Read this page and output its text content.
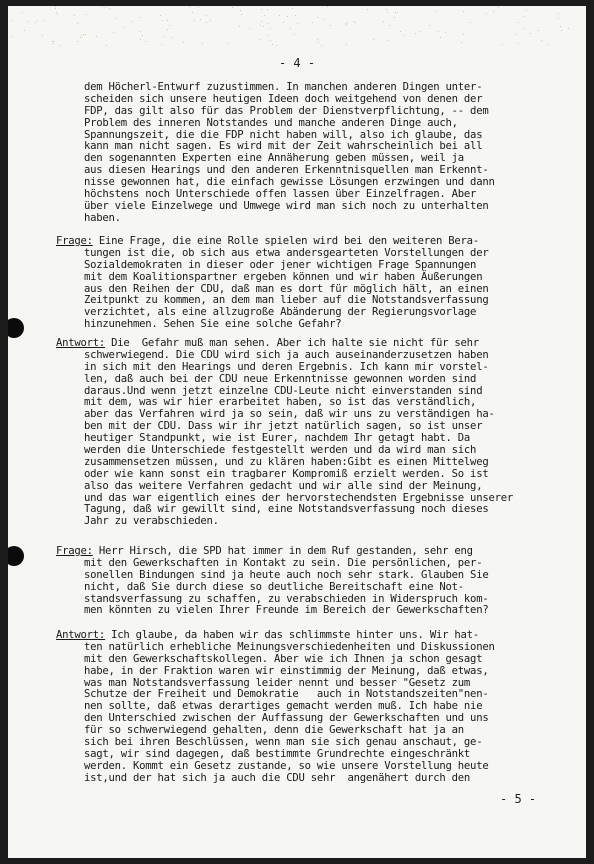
- 4 -
dem Höcherl-Entwurf zuzustimmen. In manchen anderen Dingen unter-
scheiden sich unsere heutigen Ideen doch weitgehend von denen der
FDP, das gilt also für das Problem der Dienstverpflichtung, -- dem
Problem des inneren Notstandes und manche anderen Dinge auch,
Spannungszeit, die die FDP nicht haben will, also ich glaube, das
kann man nicht sagen. Es wird mit der Zeit wahrscheinlich bei all
den sogenannten Experten eine Annäherung geben müssen, weil ja
aus diesen Hearings und den anderen Erkenntnisquellen man Erkennt-
nisse gewonnen hat, die einfach gewisse Lösungen erzwingen und dann
höchstens noch Unterschiede offen lassen über Einzelfragen. Aber
über viele Einzelwege und Umwege wird man sich noch zu unterhalten
haben.
Frage: Eine Frage, die eine Rolle spielen wird bei den weiteren Bera-
tungen ist die, ob sich aus etwa andersgearteten Vorstellungen der
Sozialdemokraten in dieser oder jener wichtigen Frage Spannungen
mit dem Koalitionspartner ergeben können und wir haben Äußerungen
aus den Reihen der CDU, daß man es dort für möglich hält, an einen
Zeitpunkt zu kommen, an dem man lieber auf die Notstandsverfassung
verzichtet, als eine allzugroße Abänderung der Regierungsvorlage
hinzunehmen. Sehen Sie eine solche Gefahr?
Antwort: Die  Gefahr muß man sehen. Aber ich halte sie nicht für sehr
schwerwiegend. Die CDU wird sich ja auch auseinanderzusetzen haben
in sich mit den Hearings und deren Ergebnis. Ich kann mir vorstel-
len, daß auch bei der CDU neue Erkenntnisse gewonnen worden sind
daraus.Und wenn jetzt einzelne CDU-Leute nicht einverstanden sind
mit dem, was wir hier erarbeitet haben, so ist das verständlich,
aber das Verfahren wird ja so sein, daß wir uns zu verständigen ha-
ben mit der CDU. Dass wir ihr jetzt natürlich sagen, so ist unser
heutiger Standpunkt, wie ist Eurer, nachdem Ihr getagt habt. Da
werden die Unterschiede festgestellt werden und da wird man sich
zusammensetzen müssen, und zu klären haben:Gibt es einen Mittelweg
oder wie kann sonst ein tragbarer Kompromiß erzielt werden. So ist
also das weitere Verfahren gedacht und wir alle sind der Meinung,
und das war eigentlich eines der hervorstechendsten Ergebnisse unserer
Tagung, daß wir gewillt sind, eine Notstandsverfassung noch dieses
Jahr zu verabschieden.
Frage: Herr Hirsch, die SPD hat immer in dem Ruf gestanden, sehr eng
mit den Gewerkschaften in Kontakt zu sein. Die persönlichen, per-
sonellen Bindungen sind ja heute auch noch sehr stark. Glauben Sie
nicht, daß Sie durch diese so deutliche Bereitschaft eine Not-
standsverfassung zu schaffen, zu verabschieden in Widerspruch kom-
men könnten zu vielen Ihrer Freunde im Bereich der Gewerkschaften?
Antwort: Ich glaube, da haben wir das schlimmste hinter uns. Wir hat-
ten natürlich erhebliche Meinungsverschiedenheiten und Diskussionen
mit den Gewerkschaftskollegen. Aber wie ich Ihnen ja schon gesagt
habe, in der Fraktion waren wir einstimmig der Meinung, daß etwas,
was man Notstandsverfassung leider nennt und besser "Gesetz zum
Schutze der Freiheit und Demokratie   auch in Notstandszeiten"nen-
nen sollte, daß etwas derartiges gemacht werden muß. Ich habe nie
den Unterschied zwischen der Auffassung der Gewerkschaften und uns
für so schwerwiegend gehalten, denn die Gewerkschaft hat ja an
sich bei ihren Beschlüssen, wenn man sie sich genau anschaut, ge-
sagt, wir sind dagegen, daß bestimmte Grundrechte eingeschränkt
werden. Kommt ein Gesetz zustande, so wie unsere Vorstellung heute
ist,und der hat sich ja auch die CDU sehr  angenähert durch den
- 5 -
